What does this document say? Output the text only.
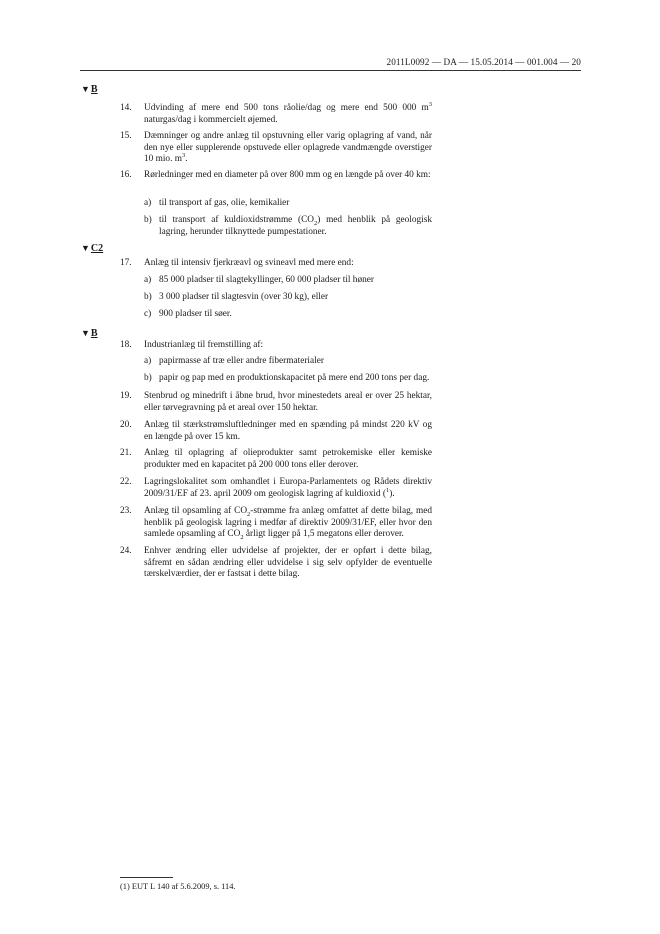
2011L0092 — DA — 15.05.2014 — 001.004 — 20
▼B
14. Udvinding af mere end 500 tons råolie/dag og mere end 500 000 $m^3$ naturgas/dag i kommercielt øjemed.
15. Dæmninger og andre anlæg til opstuvning eller varig oplagring af vand, når den nye eller supplerende opstuvede eller oplagrede vandmængde overstiger 10 mio. $m^3$.
16. Rørledninger med en diameter på over 800 mm og en længde på over 40 km:
a) til transport af gas, olie, kemikalier
b) til transport af kuldioxidstrømme $(CO_2)$ med henblik på geologisk lagring, herunder tilknyttede pumpestationer.
▼C2
17. Anlæg til intensiv fjerkræavl og svineavl med mere end:
a) 85 000 pladser til slagtekyllinger, 60 000 pladser til høner
b) 3 000 pladser til slagtesvin (over 30 kg), eller
c) 900 pladser til søer.
▼B
18. Industrianlæg til fremstilling af:
a) papirmasse af træ eller andre fibermaterialer
b) papir og pap med en produktionskapacitet på mere end 200 tons per dag.
19. Stenbrud og minedrift i åbne brud, hvor minestedets areal er over 25 hektar, eller tørvegravning på et areal over 150 hektar.
20. Anlæg til stærkstrømsluftledninger med en spænding på mindst 220 kV og en længde på over 15 km.
21. Anlæg til oplagring af olieprodukter samt petrokemiske eller kemiske produkter med en kapacitet på 200 000 tons eller derover.
22. Lagringslokalitet som omhandlet i Europa-Parlamentets og Rådets direktiv 2009/31/EF af 23. april 2009 om geologisk lagring af kuldioxid ($^1$).
23. Anlæg til opsamling af $CO_2$-strømme fra anlæg omfattet af dette bilag, med henblik på geologisk lagring i medfør af direktiv 2009/31/EF, eller hvor den samlede opsamling af $CO_2$ årligt ligger på 1,5 megatons eller derover.
24. Enhver ændring eller udvidelse af projekter, der er opført i dette bilag, såfremt en sådan ændring eller udvidelse i sig selv opfylder de eventuelle tærskelværdier, der er fastsat i dette bilag.
(1) EUT L 140 af 5.6.2009, s. 114.
